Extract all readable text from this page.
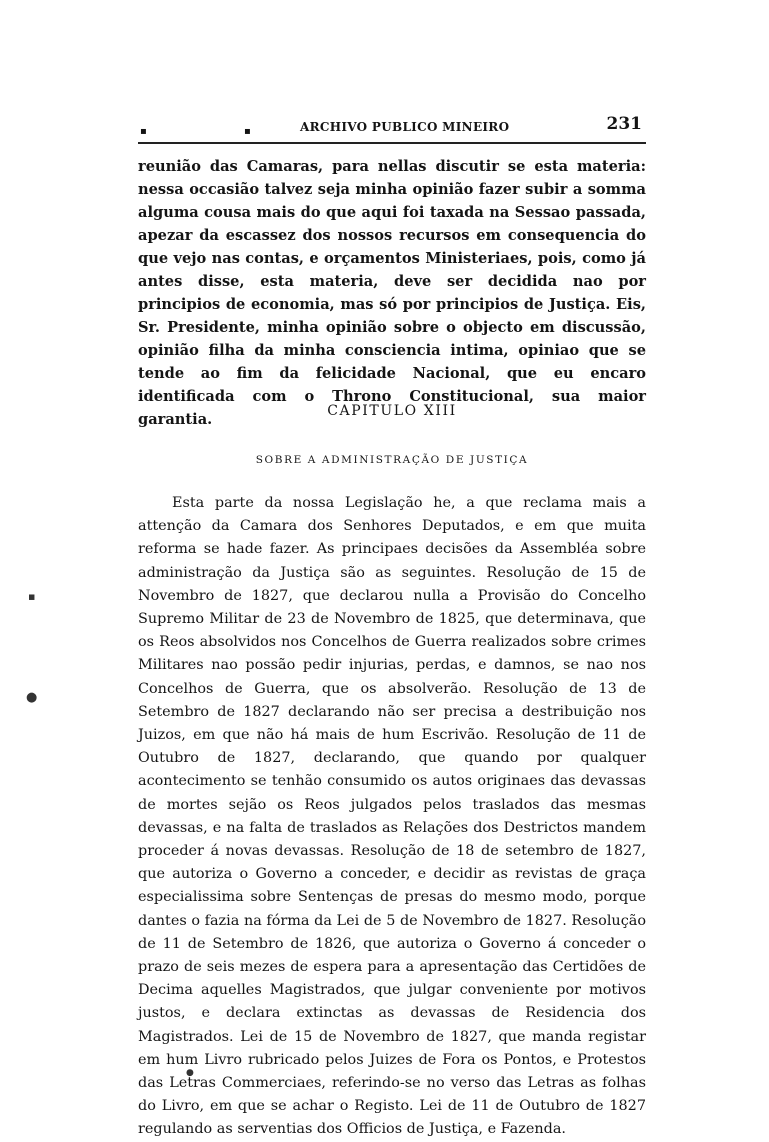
▪	▪	ARCHIVO PUBLICO MINEIRO	231

reunião das Camaras, para nellas discutir se esta materia: nessa occasião talvez seja minha opinião fazer subir a somma alguma cousa mais do que aqui foi taxada na Sessao passada, apezar da escassez dos nossos recursos em consequencia do que vejo nas contas, e orçamentos Ministeriaes, pois, como já antes disse, esta materia, deve ser decidida nao por principios de economia, mas só por principios de Justiça. Eis, Sr. Presidente, minha opinião sobre o objecto em discussão, opinião filha da minha consciencia intima, opiniao que se tende ao fim da felicidade Nacional, que eu encaro identificada com o Throno Constitucional, sua maior garantia.	CAPITULO XIII
SOBRE A ADMINISTRAÇÃO DE JUSTIÇA

Esta parte da nossa Legislação he, a que reclama mais a attenção da Camara dos Senhores Deputados, e em que muita reforma se hade fazer. As principaes decisões da Assembléa sobre administração da Justiça são as seguintes. Resolução de 15 de Novembro de 1827, que declarou nulla a Provisão do Concelho Supremo Militar de 23 de Novembro de 1825, que determinava, que os Reos absolvidos nos Concelhos de Guerra realizados sobre crimes Militares nao possão pedir injurias, perdas, e damnos, se nao nos Concelhos de Guerra, que os absolverão. Resolução de 13 de Setembro de 1827 declarando não ser precisa a destribuição nos Juizos, em que não há mais de hum Escrivão. Resolução de 11 de Outubro de 1827, declarando, que quando por qualquer acontecimento se tenhão consumido os autos originaes das devassas de mortes sejão os Reos julgados pelos traslados das mesmas devassas, e na falta de traslados as Relações dos Destrictos mandem proceder á novas devassas. Resolução de 18 de setembro de 1827, que autoriza o Governo a conceder, e decidir as revistas de graça especialissima sobre Sentenças de presas do mesmo modo, porque dantes o fazia na fórma da Lei de 5 de Novembro de 1827. Resolução de 11 de Setembro de 1826, que autoriza o Governo á conceder o prazo de seis mezes de espera para a apresentação das Certidões de Decima aquelles Magistrados, que julgar conveniente por motivos justos, e declara extinctas as devassas de Residencia dos Magistrados. Lei de 15 de Novembro de 1827, que manda registar em hum Livro rubricado pelos Juizes de Fora os Pontos, e Protestos das Letras Commerciaes, referindo-se no verso das Letras as folhas do Livro, em que se achar o Registo. Lei de 11 de Outubro de 1827 regulando as serventias dos Officios de Justiça, e Fazenda.

▪
●
●
